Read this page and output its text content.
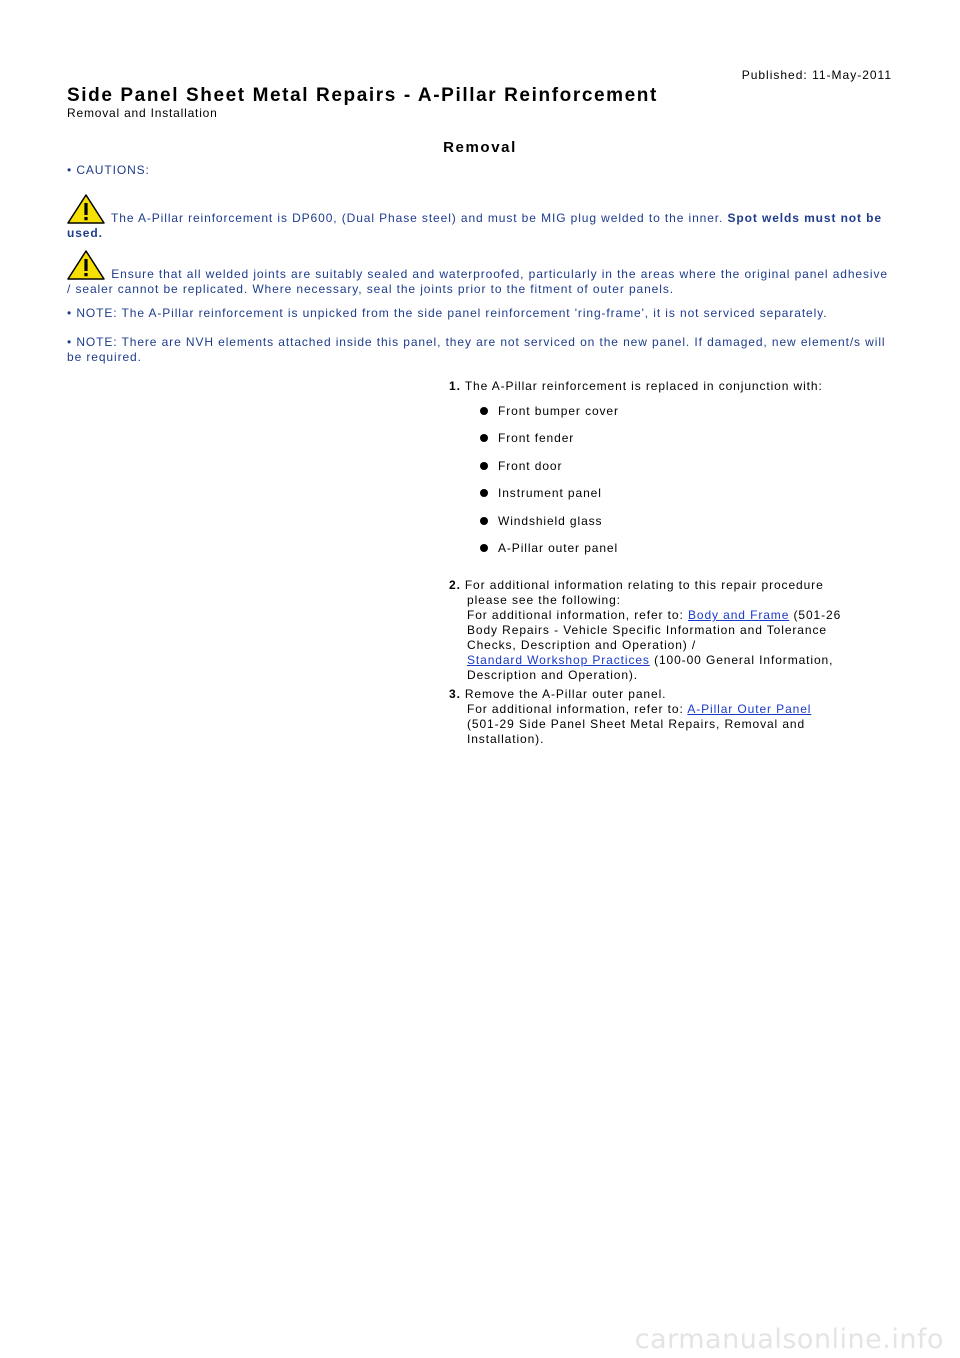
Published: 11-May-2011
Side Panel Sheet Metal Repairs - A-Pillar Reinforcement
Removal and Installation
Removal
• CAUTIONS:
The A-Pillar reinforcement is DP600, (Dual Phase steel) and must be MIG plug welded to the inner. Spot welds must not be used.
Ensure that all welded joints are suitably sealed and waterproofed, particularly in the areas where the original panel adhesive / sealer cannot be replicated. Where necessary, seal the joints prior to the fitment of outer panels.
• NOTE: The A-Pillar reinforcement is unpicked from the side panel reinforcement 'ring-frame', it is not serviced separately.
• NOTE: There are NVH elements attached inside this panel, they are not serviced on the new panel. If damaged, new element/s will be required.
1. The A-Pillar reinforcement is replaced in conjunction with:
Front bumper cover
Front fender
Front door
Instrument panel
Windshield glass
A-Pillar outer panel
2. For additional information relating to this repair procedure
please see the following:
For additional information, refer to: Body and Frame (501-26
Body Repairs - Vehicle Specific Information and Tolerance
Checks, Description and Operation) /
Standard Workshop Practices (100-00 General Information,
Description and Operation).
3. Remove the A-Pillar outer panel.
For additional information, refer to: A-Pillar Outer Panel
(501-29 Side Panel Sheet Metal Repairs, Removal and
Installation).
carmanualsonline.info
